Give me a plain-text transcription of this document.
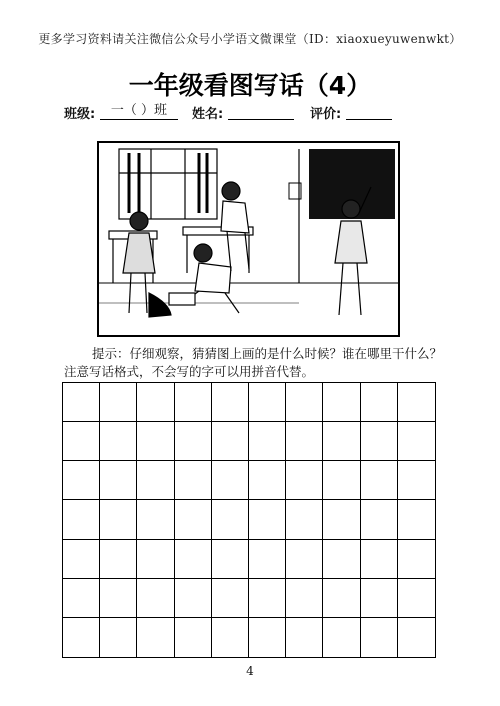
更多学习资料请关注微信公众号小学语文微课堂（ID：xiaoxueyuwenwkt）
一年级看图写话（4）
班级:	一（ ）班	姓名:	评价:
提示：仔细观察，猜猜图上画的是什么时候？谁在哪里干什么？
注意写话格式，不会写的字可以用拼音代替。
4
